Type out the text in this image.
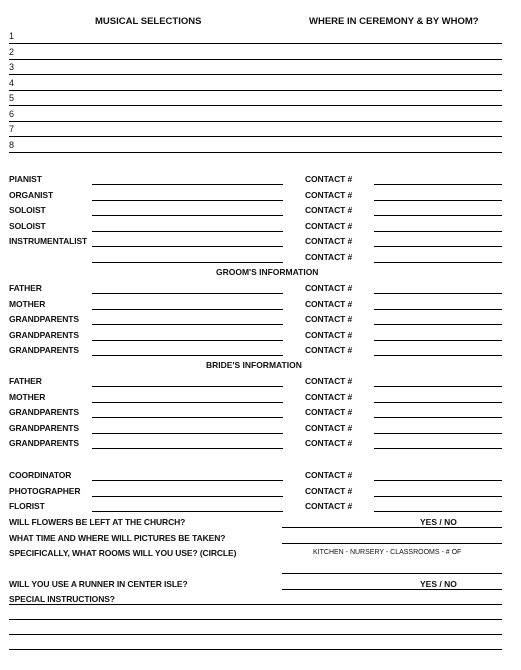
MUSICAL SELECTIONS	WHERE IN CEREMONY & BY WHOM?
1
2
3
4
5
6
7
8
PIANIST	CONTACT #
ORGANIST	CONTACT #
SOLOIST	CONTACT #
SOLOIST	CONTACT #
INSTRUMENTALIST	CONTACT #
CONTACT #
GROOM'S INFORMATION
FATHER	CONTACT #
MOTHER	CONTACT #
GRANDPARENTS	CONTACT #
GRANDPARENTS	CONTACT #
GRANDPARENTS	CONTACT #
BRIDE'S INFORMATION
FATHER	CONTACT #
MOTHER	CONTACT #
GRANDPARENTS	CONTACT #
GRANDPARENTS	CONTACT #
GRANDPARENTS	CONTACT #
COORDINATOR	CONTACT #
PHOTOGRAPHER	CONTACT #
FLORIST	CONTACT #
WILL FLOWERS BE LEFT AT THE CHURCH?	YES / NO
WHAT TIME AND WHERE WILL PICTURES BE TAKEN?
SPECIFICALLY, WHAT ROOMS WILL YOU USE? (CIRCLE)	KITCHEN - NURSERY - CLASSROOMS - # OF
WILL YOU USE A RUNNER IN CENTER ISLE?	YES / NO
SPECIAL INSTRUCTIONS?
